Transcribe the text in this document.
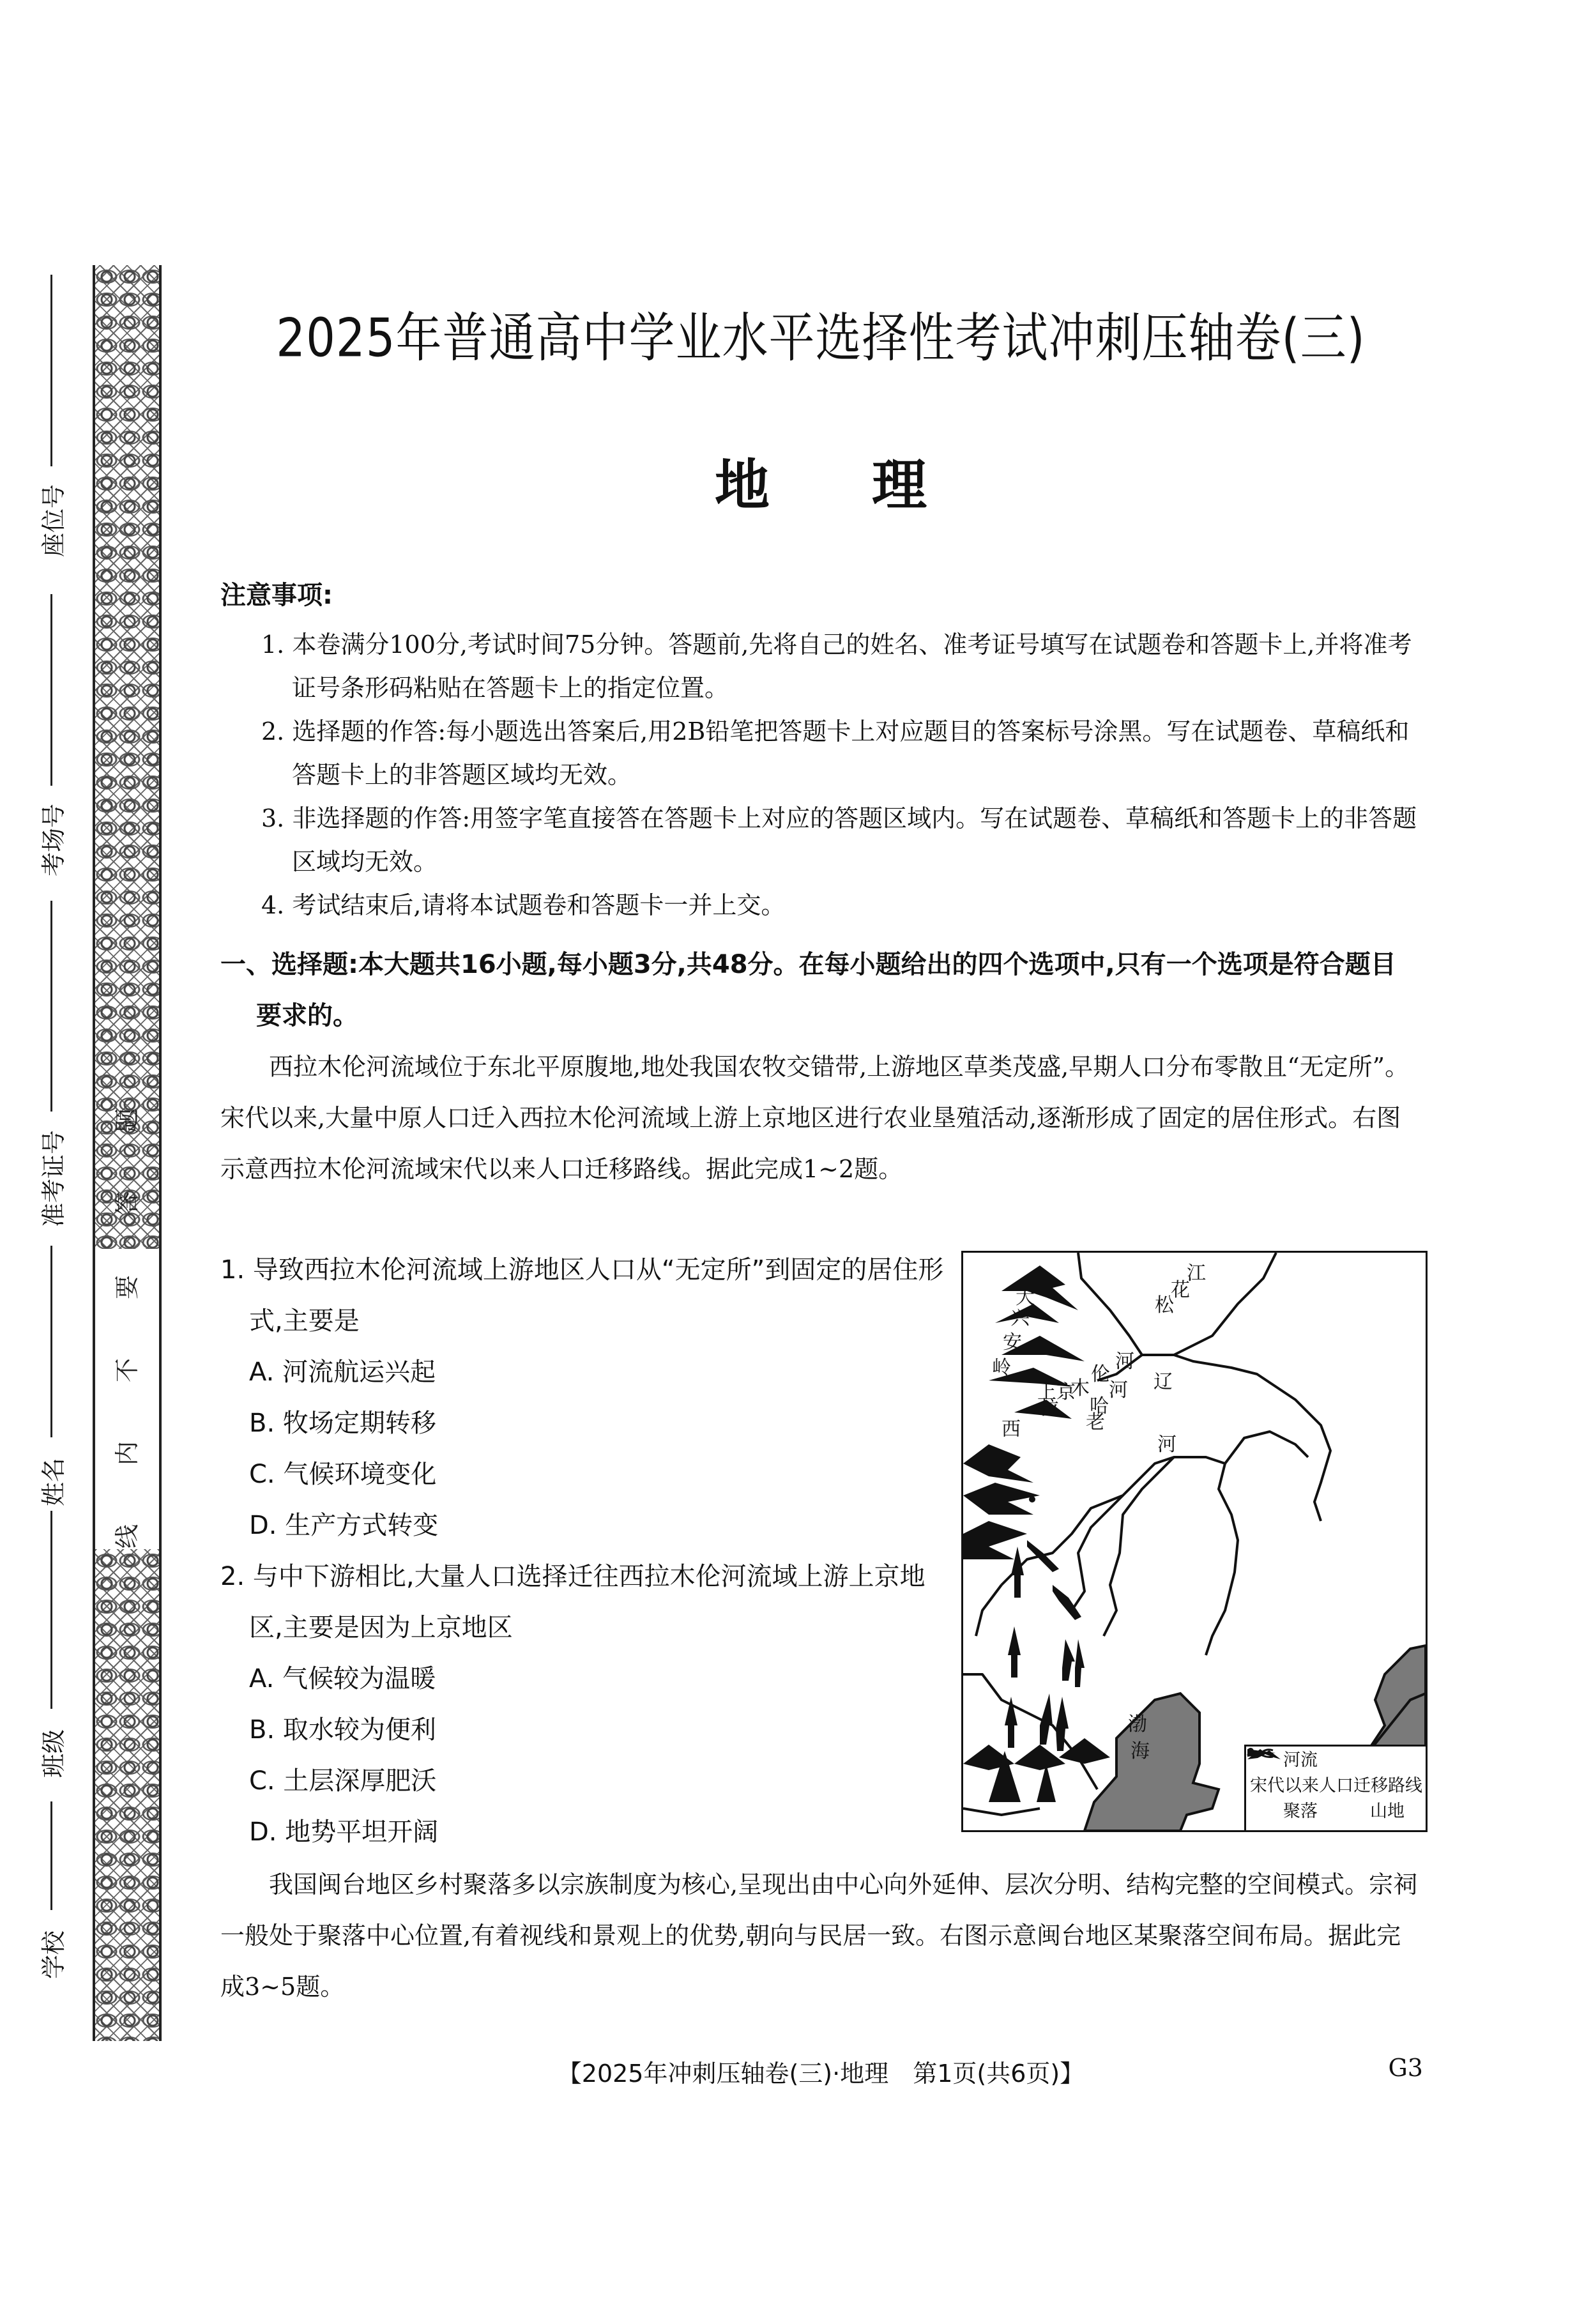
座位号
考场号
准考证号
姓名
班级
学校
题
答
要
不
内
线
2025年普通高中学业水平选择性考试冲刺压轴卷(三)
地 理
注意事项:
1. 本卷满分100分,考试时间75分钟。答题前,先将自己的姓名、准考证号填写在试题卷和答题卡上,并将准考证号条形码粘贴在答题卡上的指定位置。
2. 选择题的作答:每小题选出答案后,用2B铅笔把答题卡上对应题目的答案标号涂黑。写在试题卷、草稿纸和答题卡上的非答题区域均无效。
3. 非选择题的作答:用签字笔直接答在答题卡上对应的答题区域内。写在试题卷、草稿纸和答题卡上的非答题区域均无效。
4. 考试结束后,请将本试题卷和答题卡一并上交。
一、选择题:本大题共16小题,每小题3分,共48分。在每小题给出的四个选项中,只有一个选项是符合题目要求的。
西拉木伦河流域位于东北平原腹地,地处我国农牧交错带,上游地区草类茂盛,早期人口分布零散且“无定所”。宋代以来,大量中原人口迁入西拉木伦河流域上游上京地区进行农业垦殖活动,逐渐形成了固定的居住形式。右图示意西拉木伦河流域宋代以来人口迁移路线。据此完成1~2题。
1. 导致西拉木伦河流域上游地区人口从“无定所”到固定的居住形式,主要是
A. 河流航运兴起
B. 牧场定期转移
C. 气候环境变化
D. 生产方式转变
2. 与中下游相比,大量人口选择迁往西拉木伦河流域上游上京地区,主要是因为上京地区
A. 气候较为温暖
B. 取水较为便利
C. 土层深厚肥沃
D. 地势平坦开阔
大
兴
安
岭
江
花
松
西
拉
木
伦
河
老
哈
河 辽
河
上京
渤
海	河流
宋代以来人口迁移路线
聚落	山地
我国闽台地区乡村聚落多以宗族制度为核心,呈现出由中心向外延伸、层次分明、结构完整的空间模式。宗祠一般处于聚落中心位置,有着视线和景观上的优势,朝向与民居一致。右图示意闽台地区某聚落空间布局。据此完成3~5题。
【2025年冲刺压轴卷(三)·地理　第1页(共6页)】	G3
